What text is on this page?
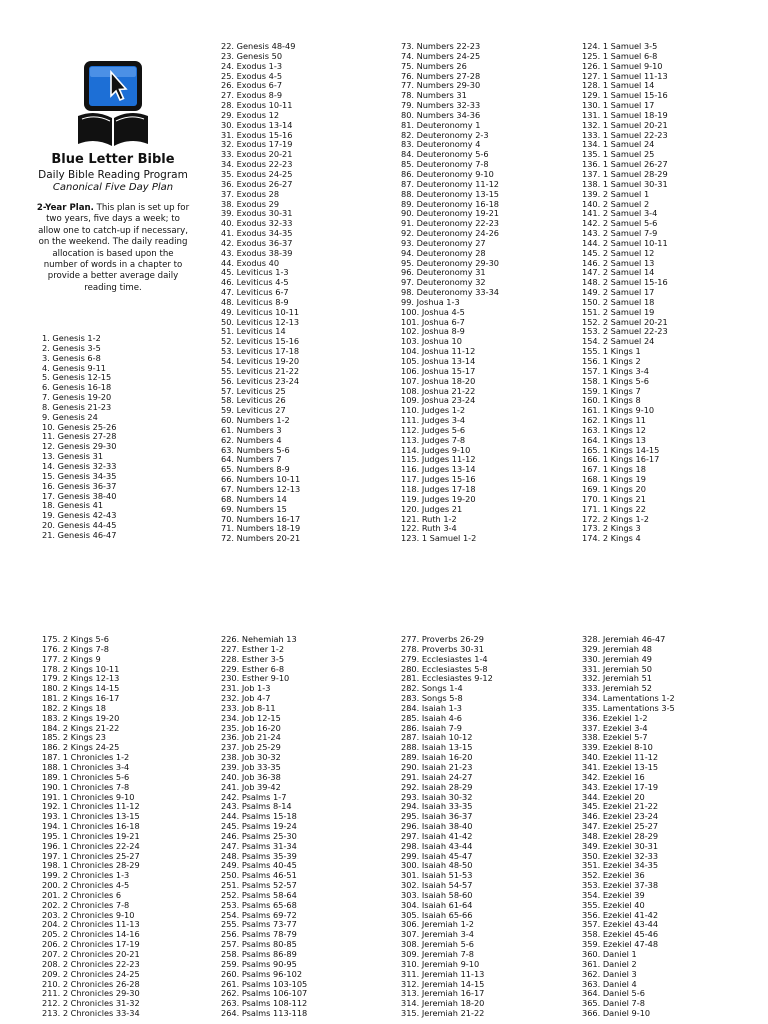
Blue Letter Bible
Daily Bible Reading Program
Canonical Five Day Plan
2-Year Plan. This plan is set up for two years, five days a week; to allow one to catch-up if necessary, on the weekend. The daily reading allocation is based upon the number of words in a chapter to provide a better average daily reading time.
1. Genesis 1-2
2. Genesis 3-5
3. Genesis 6-8
4. Genesis 9-11
5. Genesis 12-15
6. Genesis 16-18
7. Genesis 19-20
8. Genesis 21-23
9. Genesis 24
10. Genesis 25-26
11. Genesis 27-28
12. Genesis 29-30
13. Genesis 31
14. Genesis 32-33
15. Genesis 34-35
16. Genesis 36-37
17. Genesis 38-40
18. Genesis 41
19. Genesis 42-43
20. Genesis 44-45
21. Genesis 46-47
22. Genesis 48-49
23. Genesis 50
24. Exodus 1-3
25. Exodus 4-5
26. Exodus 6-7
27. Exodus 8-9
28. Exodus 10-11
29. Exodus 12
30. Exodus 13-14
31. Exodus 15-16
32. Exodus 17-19
33. Exodus 20-21
34. Exodus 22-23
35. Exodus 24-25
36. Exodus 26-27
37. Exodus 28
38. Exodus 29
39. Exodus 30-31
40. Exodus 32-33
41. Exodus 34-35
42. Exodus 36-37
43. Exodus 38-39
44. Exodus 40
45. Leviticus 1-3
46. Leviticus 4-5
47. Leviticus 6-7
48. Leviticus 8-9
49. Leviticus 10-11
50. Leviticus 12-13
51. Leviticus 14
52. Leviticus 15-16
53. Leviticus 17-18
54. Leviticus 19-20
55. Leviticus 21-22
56. Leviticus 23-24
57. Leviticus 25
58. Leviticus 26
59. Leviticus 27
60. Numbers 1-2
61. Numbers 3
62. Numbers 4
63. Numbers 5-6
64. Numbers 7
65. Numbers 8-9
66. Numbers 10-11
67. Numbers 12-13
68. Numbers 14
69. Numbers 15
70. Numbers 16-17
71. Numbers 18-19
72. Numbers 20-21
73. Numbers 22-23
74. Numbers 24-25
75. Numbers 26
76. Numbers 27-28
77. Numbers 29-30
78. Numbers 31
79. Numbers 32-33
80. Numbers 34-36
81. Deuteronomy 1
82. Deuteronomy 2-3
83. Deuteronomy 4
84. Deuteronomy 5-6
85. Deuteronomy 7-8
86. Deuteronomy 9-10
87. Deuteronomy 11-12
88. Deuteronomy 13-15
89. Deuteronomy 16-18
90. Deuteronomy 19-21
91. Deuteronomy 22-23
92. Deuteronomy 24-26
93. Deuteronomy 27
94. Deuteronomy 28
95. Deuteronomy 29-30
96. Deuteronomy 31
97. Deuteronomy 32
98. Deuteronomy 33-34
99. Joshua 1-3
100. Joshua 4-5
101. Joshua 6-7
102. Joshua 8-9
103. Joshua 10
104. Joshua 11-12
105. Joshua 13-14
106. Joshua 15-17
107. Joshua 18-20
108. Joshua 21-22
109. Joshua 23-24
110. Judges 1-2
111. Judges 3-4
112. Judges 5-6
113. Judges 7-8
114. Judges 9-10
115. Judges 11-12
116. Judges 13-14
117. Judges 15-16
118. Judges 17-18
119. Judges 19-20
120. Judges 21
121. Ruth 1-2
122. Ruth 3-4
123. 1 Samuel 1-2
124. 1 Samuel 3-5
125. 1 Samuel 6-8
126. 1 Samuel 9-10
127. 1 Samuel 11-13
128. 1 Samuel 14
129. 1 Samuel 15-16
130. 1 Samuel 17
131. 1 Samuel 18-19
132. 1 Samuel 20-21
133. 1 Samuel 22-23
134. 1 Samuel 24
135. 1 Samuel 25
136. 1 Samuel 26-27
137. 1 Samuel 28-29
138. 1 Samuel 30-31
139. 2 Samuel 1
140. 2 Samuel 2
141. 2 Samuel 3-4
142. 2 Samuel 5-6
143. 2 Samuel 7-9
144. 2 Samuel 10-11
145. 2 Samuel 12
146. 2 Samuel 13
147. 2 Samuel 14
148. 2 Samuel 15-16
149. 2 Samuel 17
150. 2 Samuel 18
151. 2 Samuel 19
152. 2 Samuel 20-21
153. 2 Samuel 22-23
154. 2 Samuel 24
155. 1 Kings 1
156. 1 Kings 2
157. 1 Kings 3-4
158. 1 Kings 5-6
159. 1 Kings 7
160. 1 Kings 8
161. 1 Kings 9-10
162. 1 Kings 11
163. 1 Kings 12
164. 1 Kings 13
165. 1 Kings 14-15
166. 1 Kings 16-17
167. 1 Kings 18
168. 1 Kings 19
169. 1 Kings 20
170. 1 Kings 21
171. 1 Kings 22
172. 2 Kings 1-2
173. 2 Kings 3
174. 2 Kings 4
175. 2 Kings 5-6
176. 2 Kings 7-8
177. 2 Kings 9
178. 2 Kings 10-11
179. 2 Kings 12-13
180. 2 Kings 14-15
181. 2 Kings 16-17
182. 2 Kings 18
183. 2 Kings 19-20
184. 2 Kings 21-22
185. 2 Kings 23
186. 2 Kings 24-25
187. 1 Chronicles 1-2
188. 1 Chronicles 3-4
189. 1 Chronicles 5-6
190. 1 Chronicles 7-8
191. 1 Chronicles 9-10
192. 1 Chronicles 11-12
193. 1 Chronicles 13-15
194. 1 Chronicles 16-18
195. 1 Chronicles 19-21
196. 1 Chronicles 22-24
197. 1 Chronicles 25-27
198. 1 Chronicles 28-29
199. 2 Chronicles 1-3
200. 2 Chronicles 4-5
201. 2 Chronicles 6
202. 2 Chronicles 7-8
203. 2 Chronicles 9-10
204. 2 Chronicles 11-13
205. 2 Chronicles 14-16
206. 2 Chronicles 17-19
207. 2 Chronicles 20-21
208. 2 Chronicles 22-23
209. 2 Chronicles 24-25
210. 2 Chronicles 26-28
211. 2 Chronicles 29-30
212. 2 Chronicles 31-32
213. 2 Chronicles 33-34
226. Nehemiah 13
227. Esther 1-2
228. Esther 3-5
229. Esther 6-8
230. Esther 9-10
231. Job 1-3
232. Job 4-7
233. Job 8-11
234. Job 12-15
235. Job 16-20
236. Job 21-24
237. Job 25-29
238. Job 30-32
239. Job 33-35
240. Job 36-38
241. Job 39-42
242. Psalms 1-7
243. Psalms 8-14
244. Psalms 15-18
245. Psalms 19-24
246. Psalms 25-30
247. Psalms 31-34
248. Psalms 35-39
249. Psalms 40-45
250. Psalms 46-51
251. Psalms 52-57
252. Psalms 58-64
253. Psalms 65-68
254. Psalms 69-72
255. Psalms 73-77
256. Psalms 78-79
257. Psalms 80-85
258. Psalms 86-89
259. Psalms 90-95
260. Psalms 96-102
261. Psalms 103-105
262. Psalms 106-107
263. Psalms 108-112
264. Psalms 113-118
277. Proverbs 26-29
278. Proverbs 30-31
279. Ecclesiastes 1-4
280. Ecclesiastes 5-8
281. Ecclesiastes 9-12
282. Songs 1-4
283. Songs 5-8
284. Isaiah 1-3
285. Isaiah 4-6
286. Isaiah 7-9
287. Isaiah 10-12
288. Isaiah 13-15
289. Isaiah 16-20
290. Isaiah 21-23
291. Isaiah 24-27
292. Isaiah 28-29
293. Isaiah 30-32
294. Isaiah 33-35
295. Isaiah 36-37
296. Isaiah 38-40
297. Isaiah 41-42
298. Isaiah 43-44
299. Isaiah 45-47
300. Isaiah 48-50
301. Isaiah 51-53
302. Isaiah 54-57
303. Isaiah 58-60
304. Isaiah 61-64
305. Isaiah 65-66
306. Jeremiah 1-2
307. Jeremiah 3-4
308. Jeremiah 5-6
309. Jeremiah 7-8
310. Jeremiah 9-10
311. Jeremiah 11-13
312. Jeremiah 14-15
313. Jeremiah 16-17
314. Jeremiah 18-20
315. Jeremiah 21-22
328. Jeremiah 46-47
329. Jeremiah 48
330. Jeremiah 49
331. Jeremiah 50
332. Jeremiah 51
333. Jeremiah 52
334. Lamentations 1-2
335. Lamentations 3-5
336. Ezekiel 1-2
337. Ezekiel 3-4
338. Ezekiel 5-7
339. Ezekiel 8-10
340. Ezekiel 11-12
341. Ezekiel 13-15
342. Ezekiel 16
343. Ezekiel 17-19
344. Ezekiel 20
345. Ezekiel 21-22
346. Ezekiel 23-24
347. Ezekiel 25-27
348. Ezekiel 28-29
349. Ezekiel 30-31
350. Ezekiel 32-33
351. Ezekiel 34-35
352. Ezekiel 36
353. Ezekiel 37-38
354. Ezekiel 39
355. Ezekiel 40
356. Ezekiel 41-42
357. Ezekiel 43-44
358. Ezekiel 45-46
359. Ezekiel 47-48
360. Daniel 1
361. Daniel 2
362. Daniel 3
363. Daniel 4
364. Daniel 5-6
365. Daniel 7-8
366. Daniel 9-10
